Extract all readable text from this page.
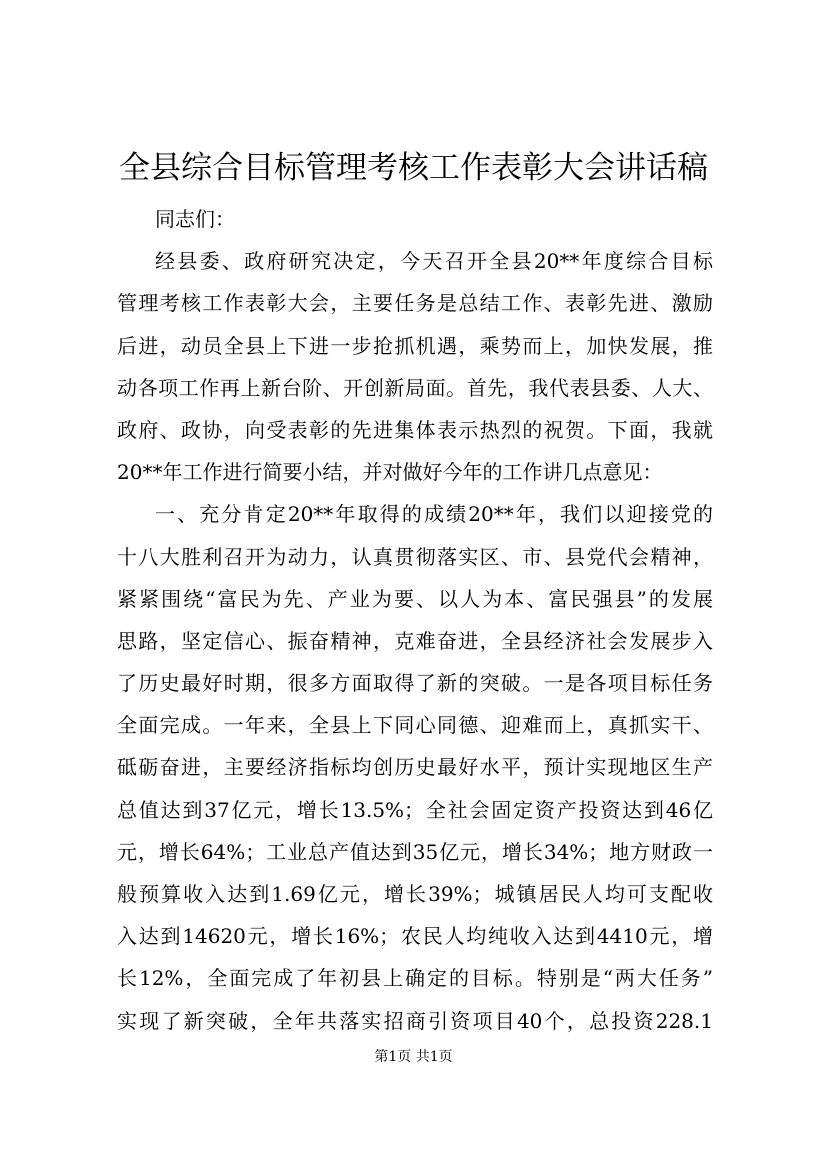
全县综合目标管理考核工作表彰大会讲话稿
同志们：
经县委、政府研究决定，今天召开全县20**年度综合目标
管理考核工作表彰大会，主要任务是总结工作、表彰先进、激励
后进，动员全县上下进一步抢抓机遇，乘势而上，加快发展，推
动各项工作再上新台阶、开创新局面。首先，我代表县委、人大、
政府、政协，向受表彰的先进集体表示热烈的祝贺。下面，我就
20**年工作进行简要小结，并对做好今年的工作讲几点意见：
一、充分肯定20**年取得的成绩20**年，我们以迎接党的
十八大胜利召开为动力，认真贯彻落实区、市、县党代会精神，
紧紧围绕“富民为先、产业为要、以人为本、富民强县”的发展
思路，坚定信心、振奋精神，克难奋进，全县经济社会发展步入
了历史最好时期，很多方面取得了新的突破。一是各项目标任务
全面完成。一年来，全县上下同心同德、迎难而上，真抓实干、
砥砺奋进，主要经济指标均创历史最好水平，预计实现地区生产
总值达到37亿元，增长13.5%；全社会固定资产投资达到46亿
元，增长64%；工业总产值达到35亿元，增长34%；地方财政一
般预算收入达到1.69亿元，增长39%；城镇居民人均可支配收
入达到14620元，增长16%；农民人均纯收入达到4410元，增
长12%，全面完成了年初县上确定的目标。特别是“两大任务”
实现了新突破，全年共落实招商引资项目40个，总投资228.1
第1页 共1页
